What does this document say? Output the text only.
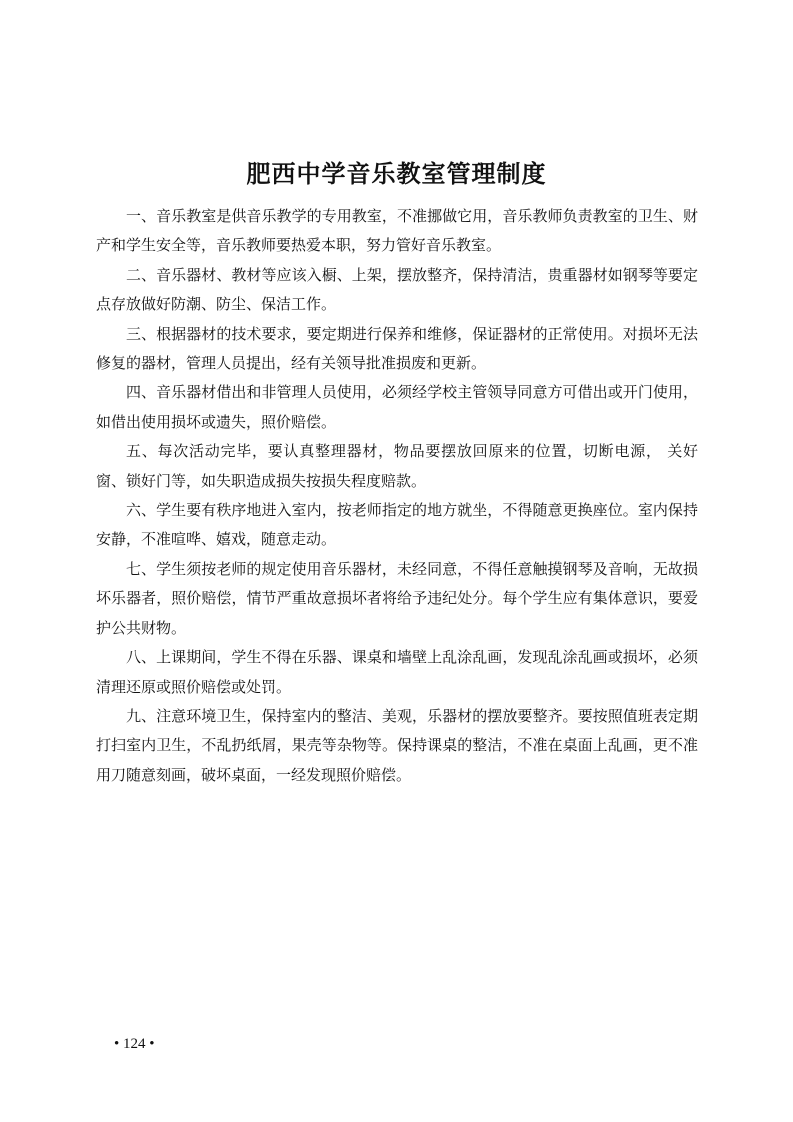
肥西中学音乐教室管理制度

一、音乐教室是供音乐教学的专用教室，不准挪做它用，音乐教师负责教室的卫生、财产和学生安全等，音乐教师要热爱本职，努力管好音乐教室。

二、音乐器材、教材等应该入橱、上架，摆放整齐，保持清洁，贵重器材如钢琴等要定点存放做好防潮、防尘、保洁工作。

三、根据器材的技术要求，要定期进行保养和维修，保证器材的正常使用。对损坏无法修复的器材，管理人员提出，经有关领导批准损废和更新。

四、音乐器材借出和非管理人员使用，必须经学校主管领导同意方可借出或开门使用，如借出使用损坏或遗失，照价赔偿。

五、每次活动完毕，要认真整理器材，物品要摆放回原来的位置，切断电源， 关好窗、锁好门等，如失职造成损失按损失程度赔款。

六、学生要有秩序地进入室内，按老师指定的地方就坐，不得随意更换座位。室内保持安静，不准喧哗、嬉戏，随意走动。

七、学生须按老师的规定使用音乐器材，未经同意，不得任意触摸钢琴及音响，无故损坏乐器者，照价赔偿，情节严重故意损坏者将给予违纪处分。每个学生应有集体意识，要爱护公共财物。

八、上课期间，学生不得在乐器、课桌和墙壁上乱涂乱画，发现乱涂乱画或损坏，必须清理还原或照价赔偿或处罚。

九、注意环境卫生，保持室内的整洁、美观，乐器材的摆放要整齐。要按照值班表定期打扫室内卫生，不乱扔纸屑，果壳等杂物等。保持课桌的整洁，不准在桌面上乱画，更不准用刀随意刻画，破坏桌面，一经发现照价赔偿。

• 124 •
